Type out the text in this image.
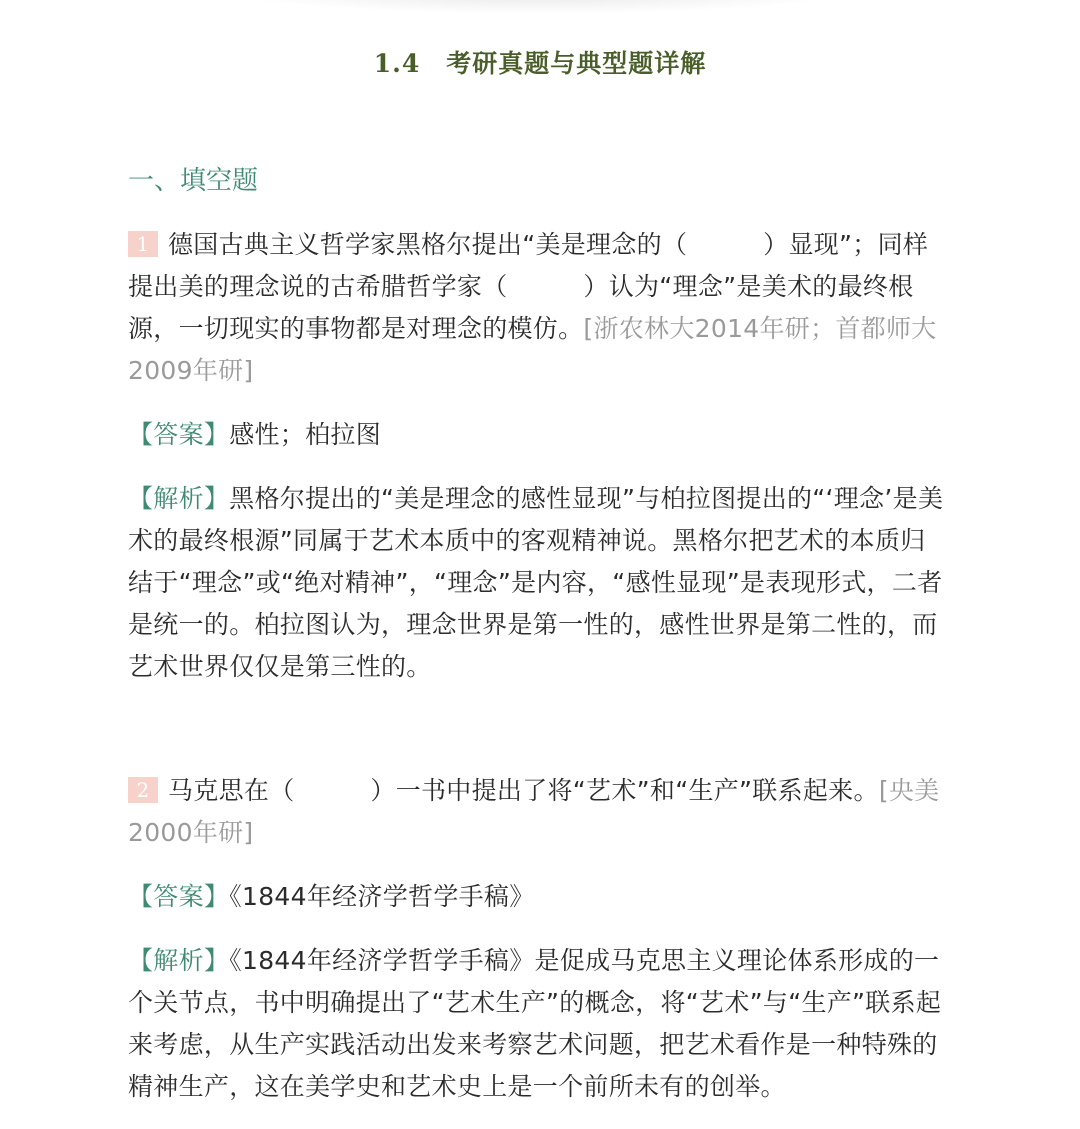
1.4 考研真题与典型题详解
一、填空题

1 德国古典主义哲学家黑格尔提出“美是理念的（　　　）显现”；同样提出美的理念说的古希腊哲学家（　　　）认为“理念”是美术的最终根源，一切现实的事物都是对理念的模仿。[浙农林大2014年研；首都师大2009年研]

【答案】感性；柏拉图

【解析】黑格尔提出的“美是理念的感性显现”与柏拉图提出的“‘理念’是美术的最终根源”同属于艺术本质中的客观精神说。黑格尔把艺术的本质归结于“理念”或“绝对精神”，“理念”是内容，“感性显现”是表现形式，二者是统一的。柏拉图认为，理念世界是第一性的，感性世界是第二性的，而艺术世界仅仅是第三性的。

2 马克思在（　　　）一书中提出了将“艺术”和“生产”联系起来。[央美2000年研]

【答案】《1844年经济学哲学手稿》

【解析】《1844年经济学哲学手稿》是促成马克思主义理论体系形成的一个关节点，书中明确提出了“艺术生产”的概念，将“艺术”与“生产”联系起来考虑，从生产实践活动出发来考察艺术问题，把艺术看作是一种特殊的精神生产，这在美学史和艺术史上是一个前所未有的创举。
